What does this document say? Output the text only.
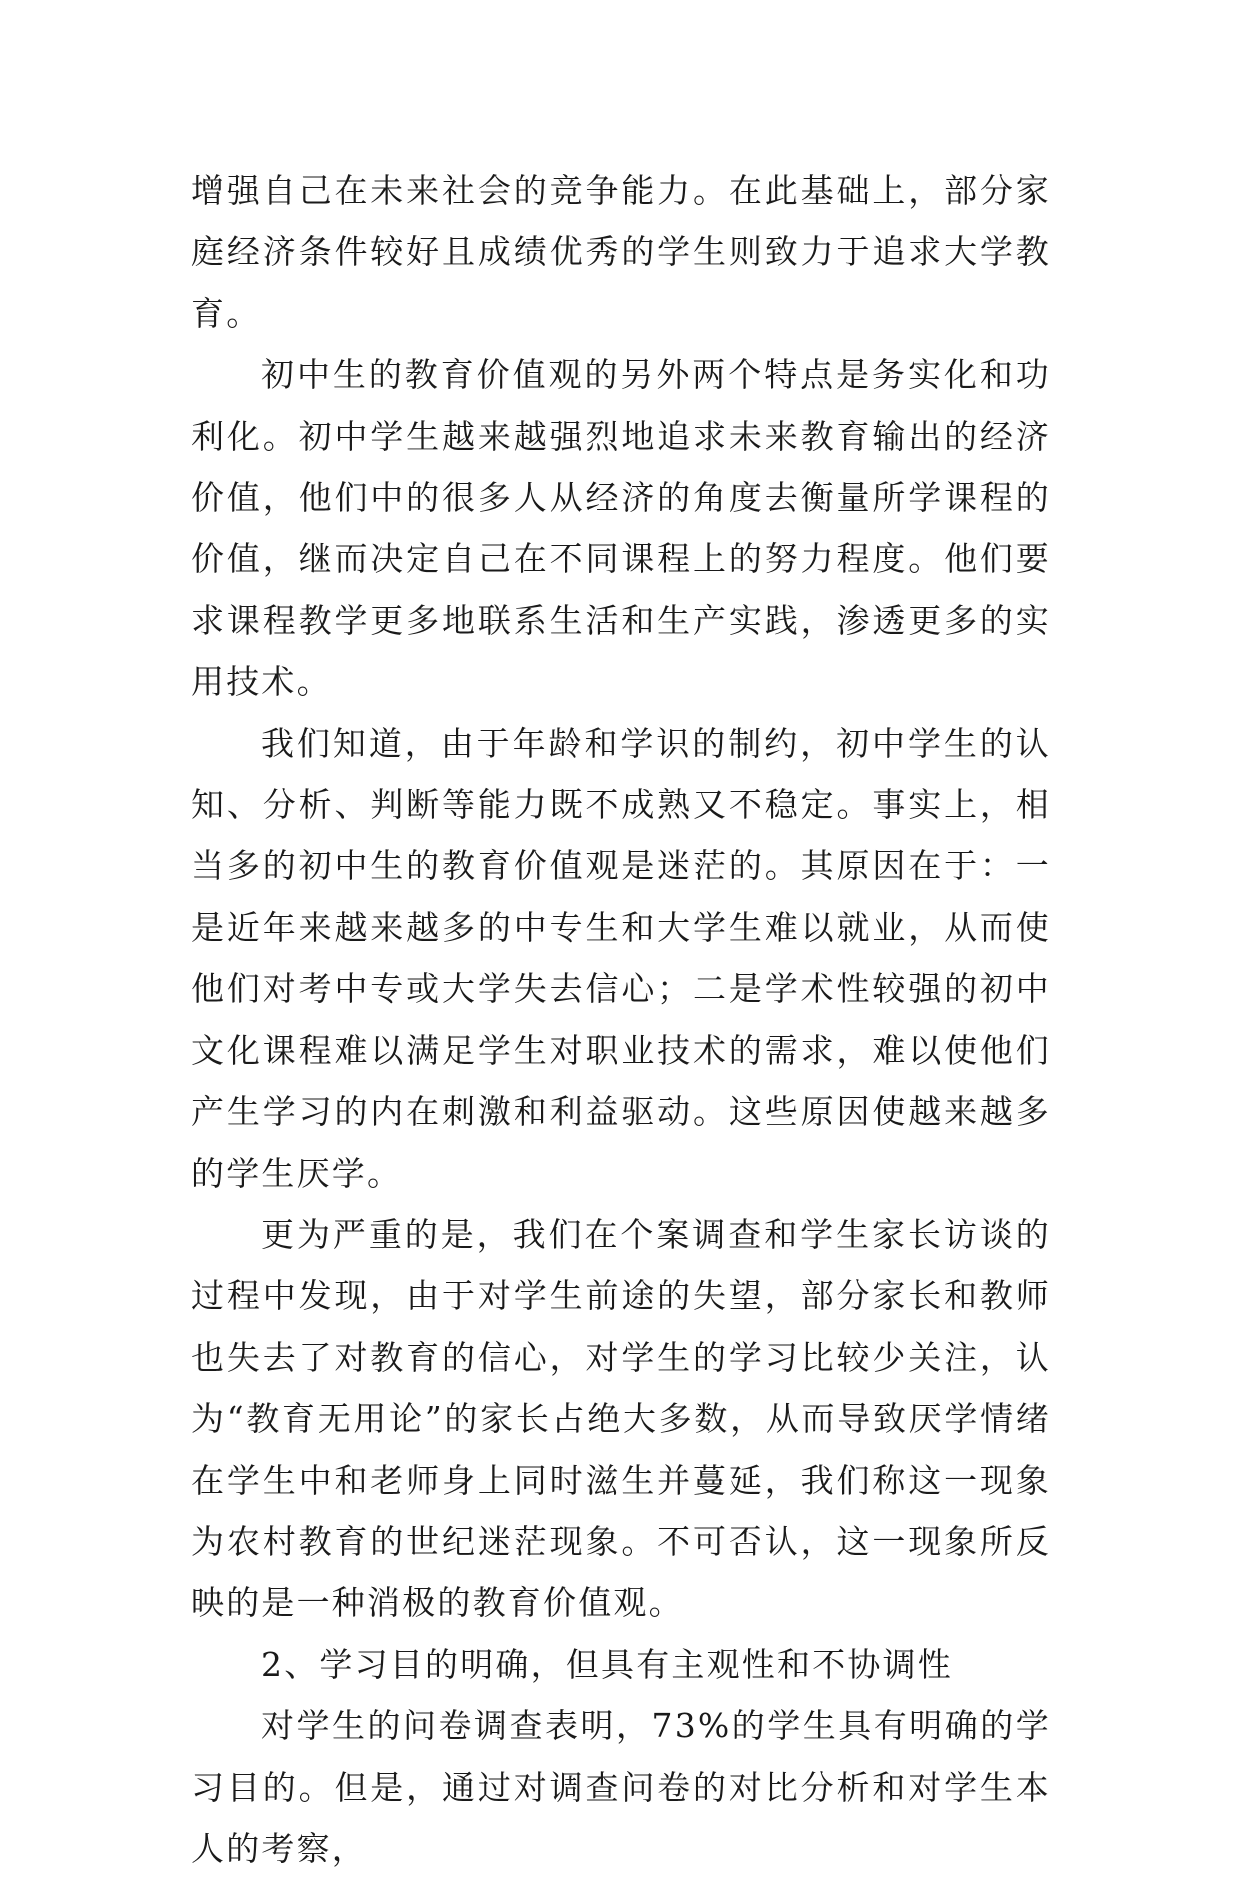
增强自己在未来社会的竞争能力。在此基础上，部分家庭经济条件较好且成绩优秀的学生则致力于追求大学教育。

初中生的教育价值观的另外两个特点是务实化和功利化。初中学生越来越强烈地追求未来教育输出的经济价值，他们中的很多人从经济的角度去衡量所学课程的价值，继而决定自己在不同课程上的努力程度。他们要求课程教学更多地联系生活和生产实践，渗透更多的实用技术。

我们知道，由于年龄和学识的制约，初中学生的认知、分析、判断等能力既不成熟又不稳定。事实上，相当多的初中生的教育价值观是迷茫的。其原因在于：一是近年来越来越多的中专生和大学生难以就业，从而使他们对考中专或大学失去信心；二是学术性较强的初中文化课程难以满足学生对职业技术的需求，难以使他们产生学习的内在刺激和利益驱动。这些原因使越来越多的学生厌学。

更为严重的是，我们在个案调查和学生家长访谈的过程中发现，由于对学生前途的失望，部分家长和教师也失去了对教育的信心，对学生的学习比较少关注，认为“教育无用论”的家长占绝大多数，从而导致厌学情绪在学生中和老师身上同时滋生并蔓延，我们称这一现象为农村教育的世纪迷茫现象。不可否认，这一现象所反映的是一种消极的教育价值观。

2、学习目的明确，但具有主观性和不协调性

对学生的问卷调查表明，73%的学生具有明确的学习目的。但是，通过对调查问卷的对比分析和对学生本人的考察，
